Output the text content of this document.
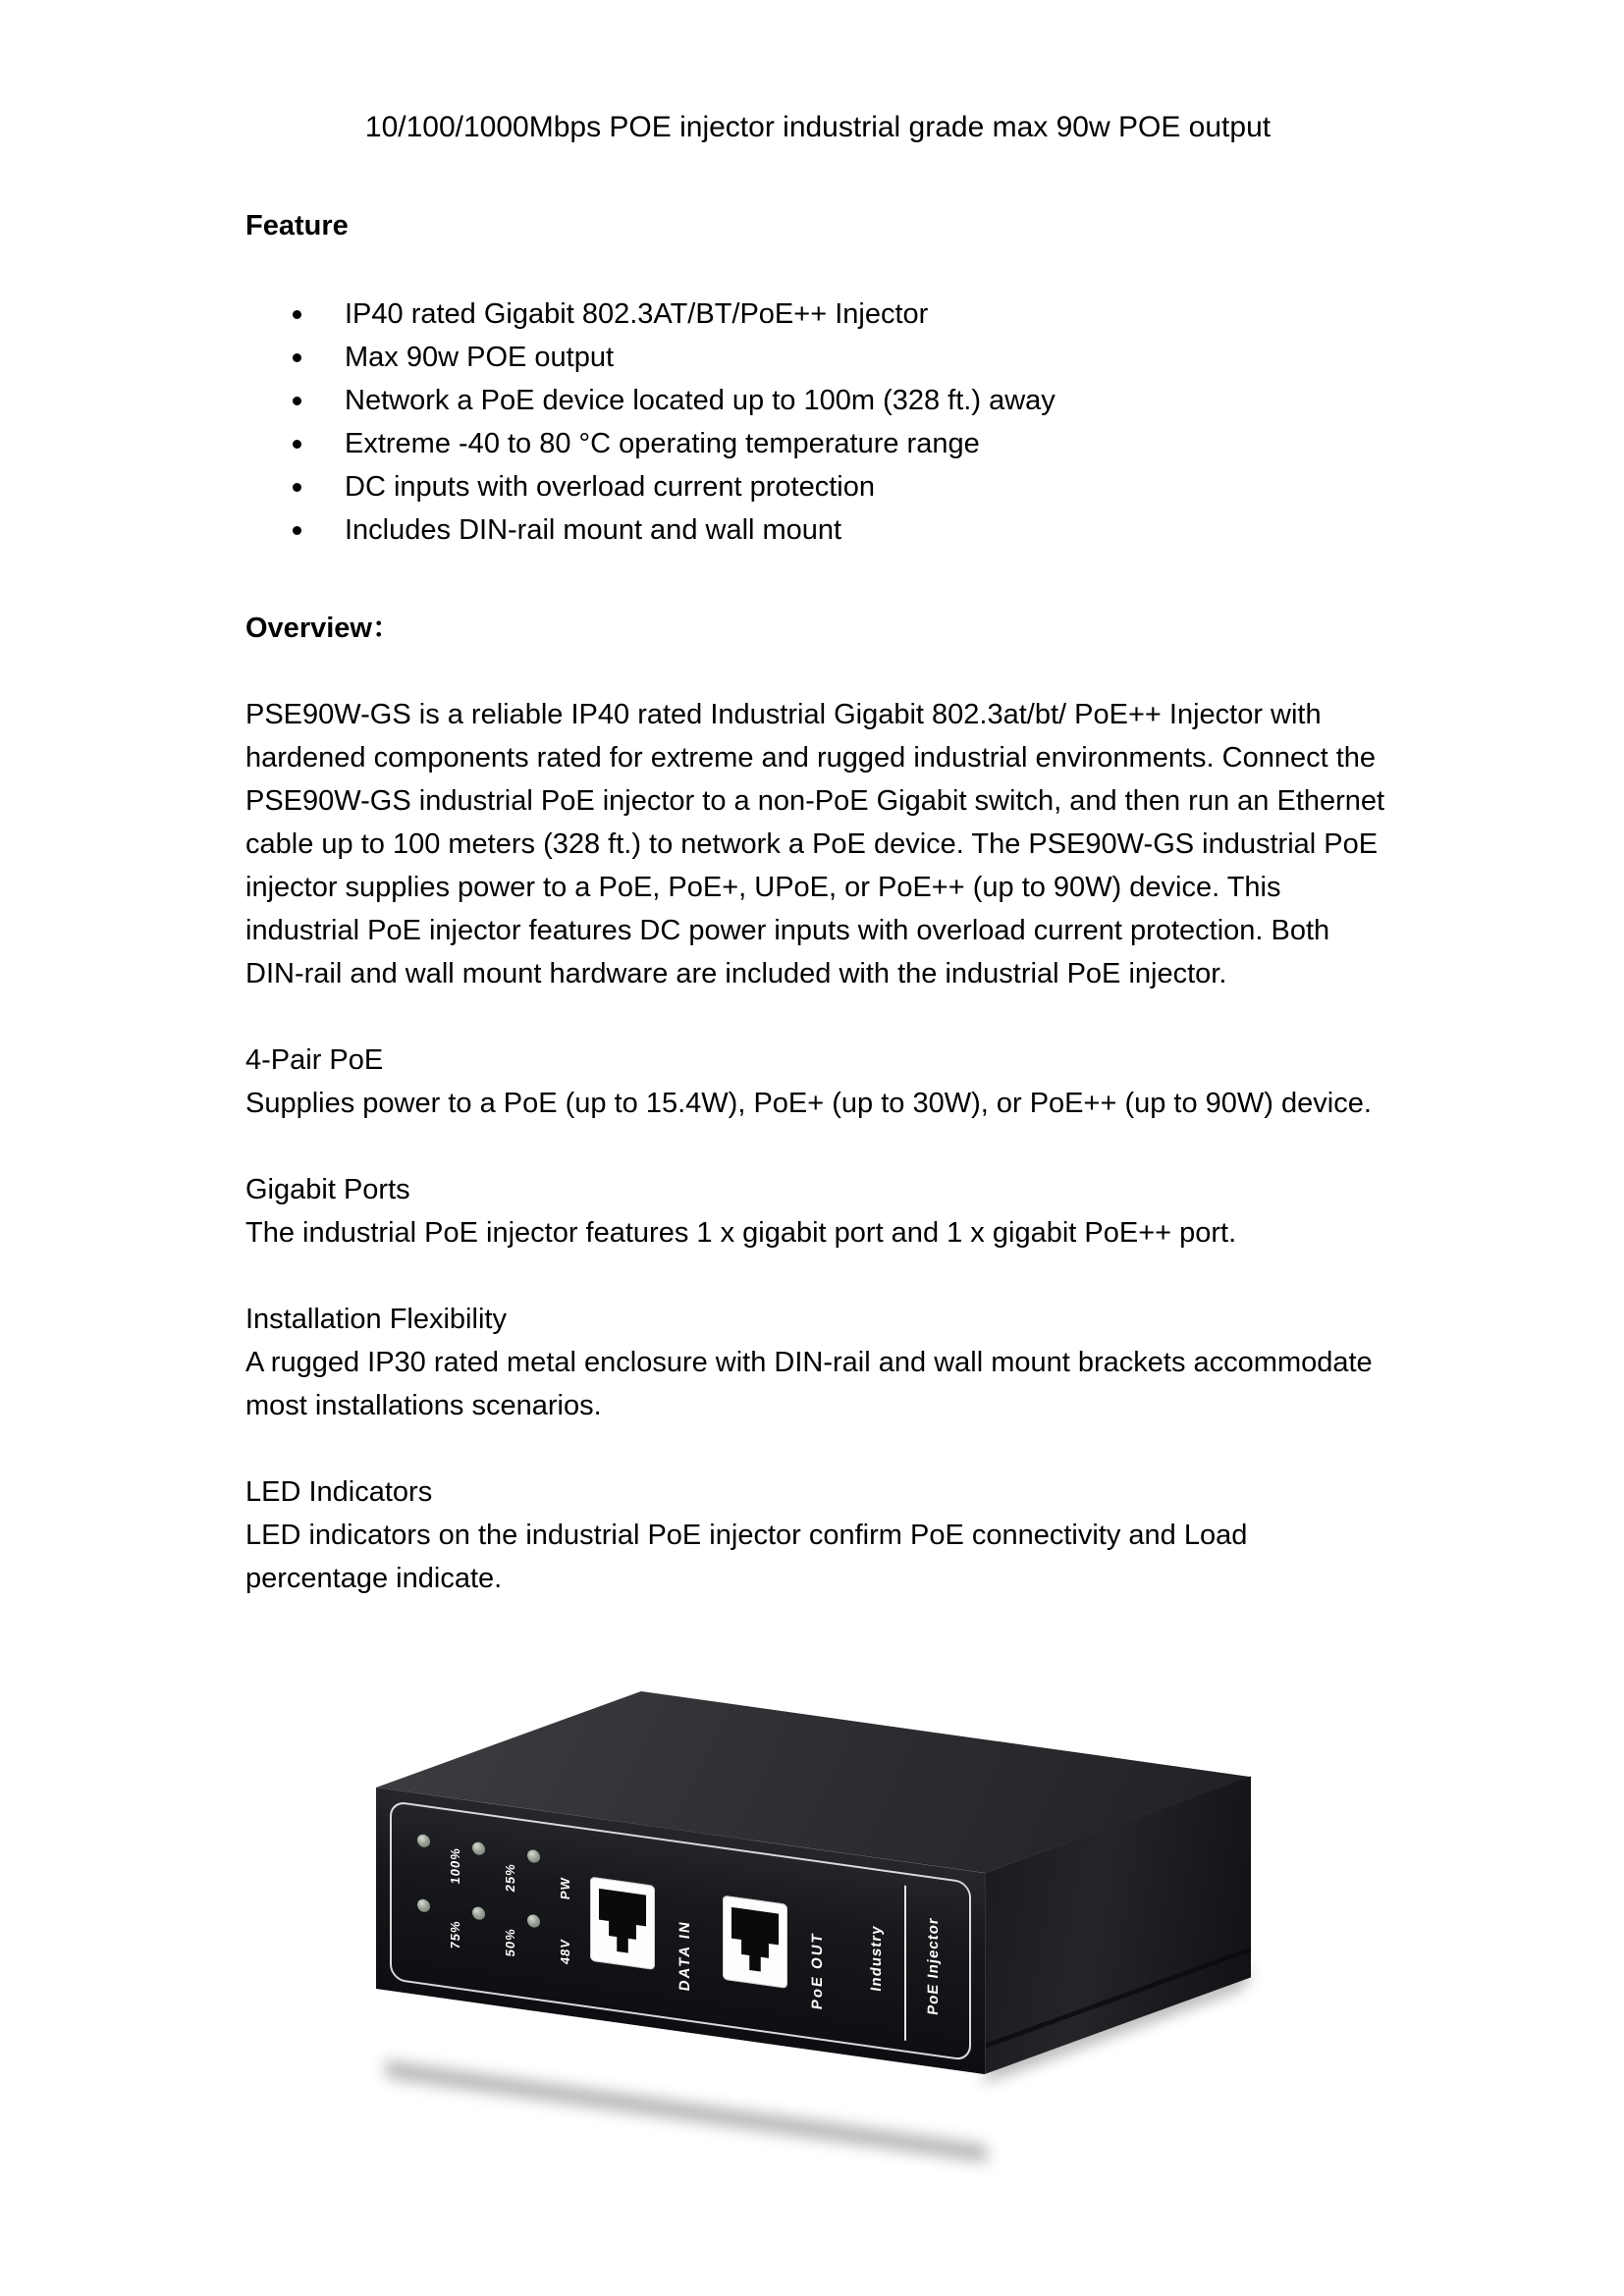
10/100/1000Mbps POE injector industrial grade max 90w POE output
Feature
IP40 rated Gigabit 802.3AT/BT/PoE++ Injector
Max 90w POE output
Network a PoE device located up to 100m (328 ft.) away
Extreme -40 to 80 °C operating temperature range
DC inputs with overload current protection
Includes DIN-rail mount and wall mount
Overview：
PSE90W-GS is a reliable IP40 rated Industrial Gigabit 802.3at/bt/ PoE++ Injector with hardened components rated for extreme and rugged industrial environments. Connect the PSE90W-GS industrial PoE injector to a non-PoE Gigabit switch, and then run an Ethernet cable up to 100 meters (328 ft.) to network a PoE device. The PSE90W-GS industrial PoE injector supplies power to a PoE, PoE+, UPoE, or PoE++ (up to 90W) device. This industrial PoE injector features DC power inputs with overload current protection. Both DIN-rail and wall mount hardware are included with the industrial PoE injector.
4-Pair PoE
Supplies power to a PoE (up to 15.4W), PoE+ (up to 30W), or PoE++ (up to 90W) device.
Gigabit Ports
The industrial PoE injector features 1 x gigabit port and 1 x gigabit PoE++ port.
Installation Flexibility
A rugged IP30 rated metal enclosure with DIN-rail and wall mount brackets accommodate most installations scenarios.
LED Indicators
LED indicators on the industrial PoE injector confirm PoE connectivity and Load percentage indicate.
100%
75%
25%
50%
PW
48V	DATA IN	PoE OUT	Industry	PoE Injector
